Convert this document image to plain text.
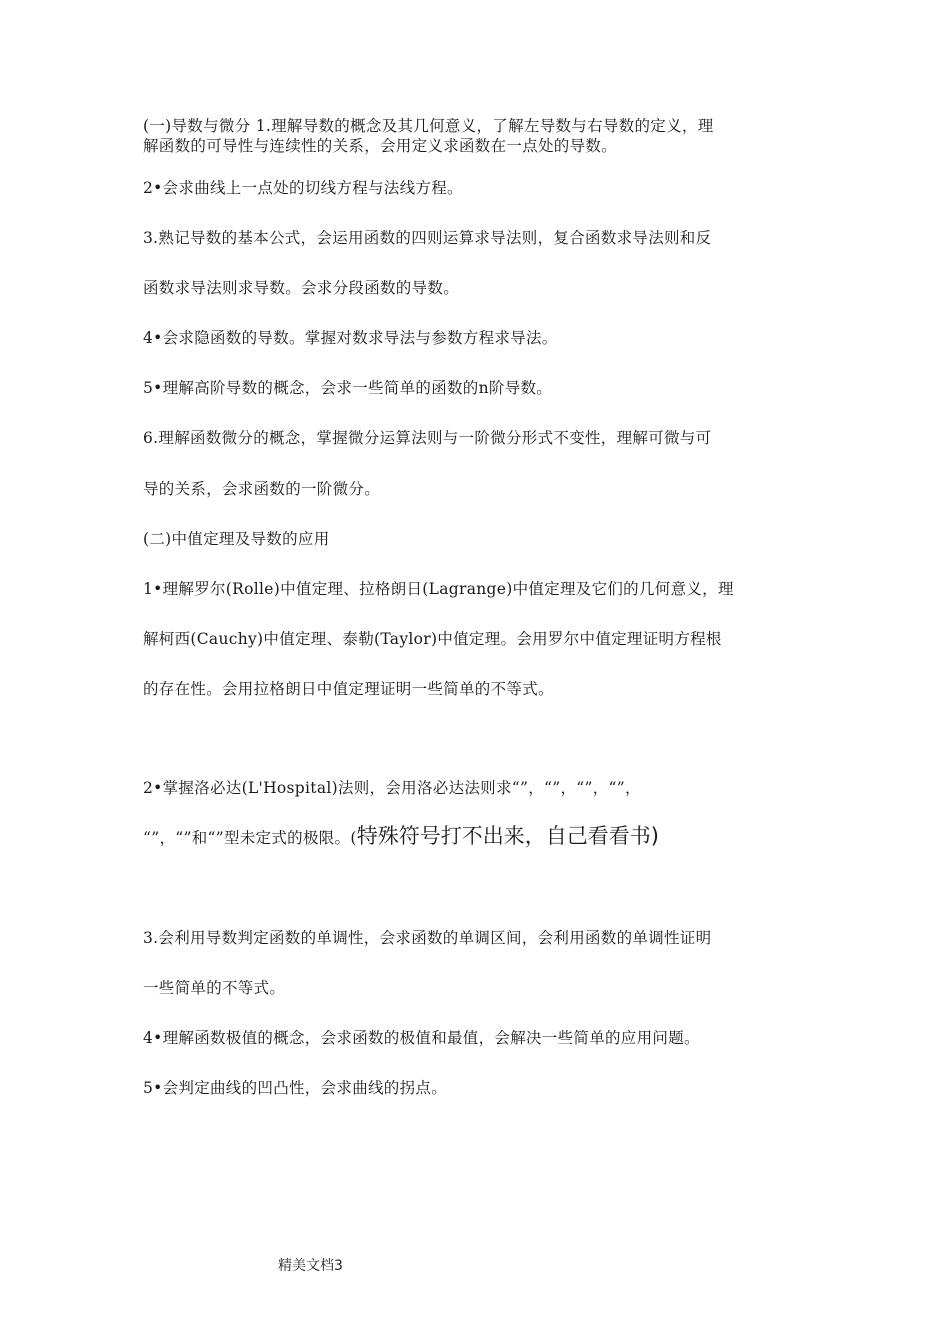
(一)导数与微分 1.理解导数的概念及其几何意义，了解左导数与右导数的定义，理
解函数的可导性与连续性的关系，会用定义求函数在一点处的导数。
2•会求曲线上一点处的切线方程与法线方程。
3.熟记导数的基本公式，会运用函数的四则运算求导法则，复合函数求导法则和反
函数求导法则求导数。会求分段函数的导数。
4•会求隐函数的导数。掌握对数求导法与参数方程求导法。
5•理解高阶导数的概念，会求一些简单的函数的n阶导数。
6.理解函数微分的概念，掌握微分运算法则与一阶微分形式不变性，理解可微与可
导的关系，会求函数的一阶微分。
(二)中值定理及导数的应用
1•理解罗尔(Rolle)中值定理、拉格朗日(Lagrange)中值定理及它们的几何意义，理
解柯西(Cauchy)中值定理、泰勒(Taylor)中值定理。会用罗尔中值定理证明方程根
的存在性。会用拉格朗日中值定理证明一些简单的不等式。
2•掌握洛必达(L'Hospital)法则，会用洛必达法则求“”，“”，“”，“”，
“”，“”和“”型未定式的极限。(特殊符号打不出来，自己看看书)
3.会利用导数判定函数的单调性，会求函数的单调区间，会利用函数的单调性证明
一些简单的不等式。
4•理解函数极值的概念，会求函数的极值和最值，会解决一些简单的应用问题。
5•会判定曲线的凹凸性，会求曲线的拐点。
精美文档3
